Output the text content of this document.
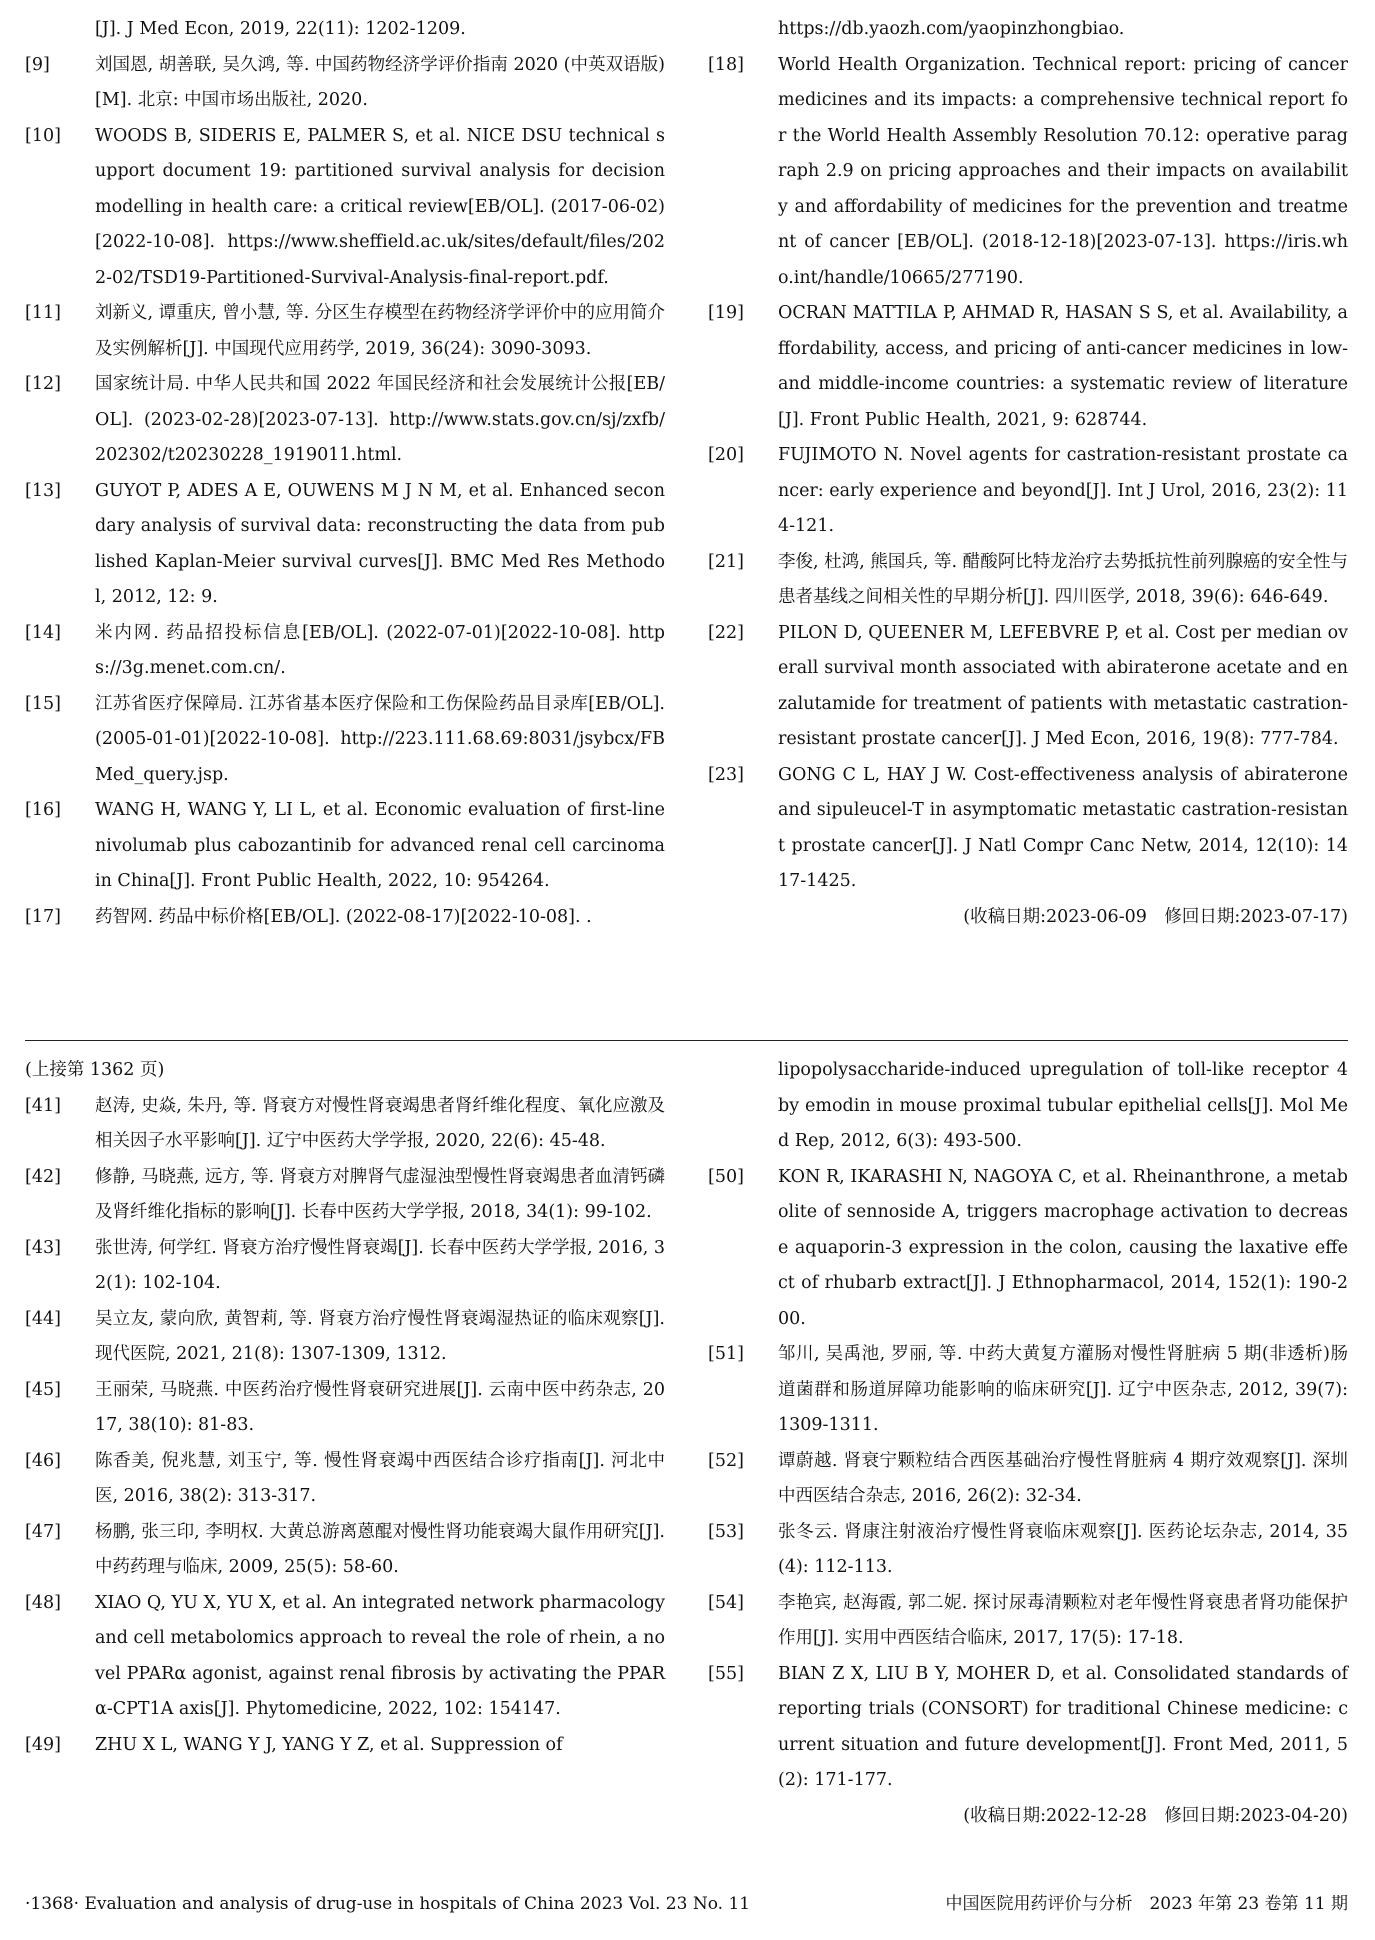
[J]. J Med Econ, 2019, 22(11): 1202-1209.
[9]	刘国恩, 胡善联, 吴久鸿, 等. 中国药物经济学评价指南 2020 (中英双语版)[M]. 北京: 中国市场出版社, 2020.
[10]	WOODS B, SIDERIS E, PALMER S, et al. NICE DSU technical support document 19: partitioned survival analysis for decision modelling in health care: a critical review[EB/OL]. (2017-06-02)[2022-10-08]. https://www.sheffield.ac.uk/sites/default/files/2022-02/TSD19-Partitioned-Survival-Analysis-final-report.pdf.
[11]	刘新义, 谭重庆, 曾小慧, 等. 分区生存模型在药物经济学评价中的应用简介及实例解析[J]. 中国现代应用药学, 2019, 36(24): 3090-3093.
[12]	国家统计局. 中华人民共和国 2022 年国民经济和社会发展统计公报[EB/OL]. (2023-02-28)[2023-07-13]. http://www.stats.gov.cn/sj/zxfb/202302/t20230228_1919011.html.
[13]	GUYOT P, ADES A E, OUWENS M J N M, et al. Enhanced secondary analysis of survival data: reconstructing the data from published Kaplan-Meier survival curves[J]. BMC Med Res Methodol, 2012, 12: 9.
[14]	米内网. 药品招投标信息[EB/OL]. (2022-07-01)[2022-10-08]. https://3g.menet.com.cn/.
[15]	江苏省医疗保障局. 江苏省基本医疗保险和工伤保险药品目录库[EB/OL]. (2005-01-01)[2022-10-08]. http://223.111.68.69:8031/jsybcx/FBMed_query.jsp.
[16]	WANG H, WANG Y, LI L, et al. Economic evaluation of first-line nivolumab plus cabozantinib for advanced renal cell carcinoma in China[J]. Front Public Health, 2022, 10: 954264.
[17]	药智网. 药品中标价格[EB/OL]. (2022-08-17)[2022-10-08]. .
https://db.yaozh.com/yaopinzhongbiao.
[18]	World Health Organization. Technical report: pricing of cancer medicines and its impacts: a comprehensive technical report for the World Health Assembly Resolution 70.12: operative paragraph 2.9 on pricing approaches and their impacts on availability and affordability of medicines for the prevention and treatment of cancer [EB/OL]. (2018-12-18)[2023-07-13]. https://iris.who.int/handle/10665/277190.
[19]	OCRAN MATTILA P, AHMAD R, HASAN S S, et al. Availability, affordability, access, and pricing of anti-cancer medicines in low- and middle-income countries: a systematic review of literature[J]. Front Public Health, 2021, 9: 628744.
[20]	FUJIMOTO N. Novel agents for castration-resistant prostate cancer: early experience and beyond[J]. Int J Urol, 2016, 23(2): 114-121.
[21]	李俊, 杜鸿, 熊国兵, 等. 醋酸阿比特龙治疗去势抵抗性前列腺癌的安全性与患者基线之间相关性的早期分析[J]. 四川医学, 2018, 39(6): 646-649.
[22]	PILON D, QUEENER M, LEFEBVRE P, et al. Cost per median overall survival month associated with abiraterone acetate and enzalutamide for treatment of patients with metastatic castration-resistant prostate cancer[J]. J Med Econ, 2016, 19(8): 777-784.
[23]	GONG C L, HAY J W. Cost-effectiveness analysis of abiraterone and sipuleucel-T in asymptomatic metastatic castration-resistant prostate cancer[J]. J Natl Compr Canc Netw, 2014, 12(10): 1417-1425.
(收稿日期:2023-06-09　修回日期:2023-07-17)
(上接第 1362 页)
[41]	赵涛, 史焱, 朱丹, 等. 肾衰方对慢性肾衰竭患者肾纤维化程度、氧化应激及相关因子水平影响[J]. 辽宁中医药大学学报, 2020, 22(6): 45-48.
[42]	修静, 马晓燕, 远方, 等. 肾衰方对脾肾气虚湿浊型慢性肾衰竭患者血清钙磷及肾纤维化指标的影响[J]. 长春中医药大学学报, 2018, 34(1): 99-102.
[43]	张世涛, 何学红. 肾衰方治疗慢性肾衰竭[J]. 长春中医药大学学报, 2016, 32(1): 102-104.
[44]	吴立友, 蒙向欣, 黄智莉, 等. 肾衰方治疗慢性肾衰竭湿热证的临床观察[J]. 现代医院, 2021, 21(8): 1307-1309, 1312.
[45]	王丽荣, 马晓燕. 中医药治疗慢性肾衰研究进展[J]. 云南中医中药杂志, 2017, 38(10): 81-83.
[46]	陈香美, 倪兆慧, 刘玉宁, 等. 慢性肾衰竭中西医结合诊疗指南[J]. 河北中医, 2016, 38(2): 313-317.
[47]	杨鹏, 张三印, 李明权. 大黄总游离蒽醌对慢性肾功能衰竭大鼠作用研究[J]. 中药药理与临床, 2009, 25(5): 58-60.
[48]	XIAO Q, YU X, YU X, et al. An integrated network pharmacology and cell metabolomics approach to reveal the role of rhein, a novel PPARα agonist, against renal fibrosis by activating the PPARα-CPT1A axis[J]. Phytomedicine, 2022, 102: 154147.
[49]	ZHU X L, WANG Y J, YANG Y Z, et al. Suppression of
lipopolysaccharide-induced upregulation of toll-like receptor 4 by emodin in mouse proximal tubular epithelial cells[J]. Mol Med Rep, 2012, 6(3): 493-500.
[50]	KON R, IKARASHI N, NAGOYA C, et al. Rheinanthrone, a metabolite of sennoside A, triggers macrophage activation to decrease aquaporin-3 expression in the colon, causing the laxative effect of rhubarb extract[J]. J Ethnopharmacol, 2014, 152(1): 190-200.
[51]	邹川, 吴禹池, 罗丽, 等. 中药大黄复方灌肠对慢性肾脏病 5 期(非透析)肠道菌群和肠道屏障功能影响的临床研究[J]. 辽宁中医杂志, 2012, 39(7): 1309-1311.
[52]	谭蔚越. 肾衰宁颗粒结合西医基础治疗慢性肾脏病 4 期疗效观察[J]. 深圳中西医结合杂志, 2016, 26(2): 32-34.
[53]	张冬云. 肾康注射液治疗慢性肾衰临床观察[J]. 医药论坛杂志, 2014, 35(4): 112-113.
[54]	李艳宾, 赵海霞, 郭二妮. 探讨尿毒清颗粒对老年慢性肾衰患者肾功能保护作用[J]. 实用中西医结合临床, 2017, 17(5): 17-18.
[55]	BIAN Z X, LIU B Y, MOHER D, et al. Consolidated standards of reporting trials (CONSORT) for traditional Chinese medicine: current situation and future development[J]. Front Med, 2011, 5(2): 171-177.
(收稿日期:2022-12-28　修回日期:2023-04-20)
·1368· Evaluation and analysis of drug-use in hospitals of China 2023 Vol. 23 No. 11	中国医院用药评价与分析　2023 年第 23 卷第 11 期
